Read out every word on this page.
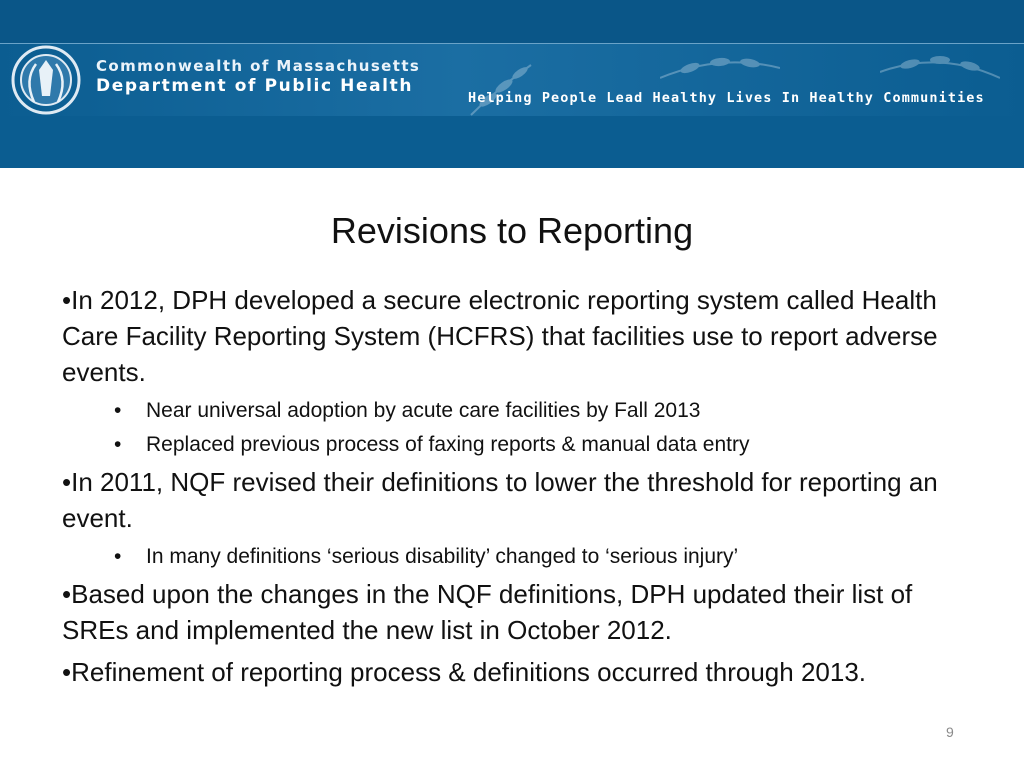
Commonwealth of Massachusetts
Department of Public Health
Helping People Lead Healthy Lives In Healthy Communities
Revisions to Reporting
•In 2012, DPH developed a secure electronic reporting system called Health Care Facility Reporting System (HCFRS) that facilities use to report adverse events.
• Near universal adoption by acute care facilities by Fall 2013
• Replaced previous process of faxing reports & manual data entry
•In 2011, NQF revised their definitions to lower the threshold for reporting an event.
• In many definitions ‘serious disability’ changed to ‘serious injury’
•Based upon the changes in the NQF definitions, DPH updated their list of SREs and implemented the new list in October 2012.
•Refinement of reporting process & definitions occurred through 2013.
9
